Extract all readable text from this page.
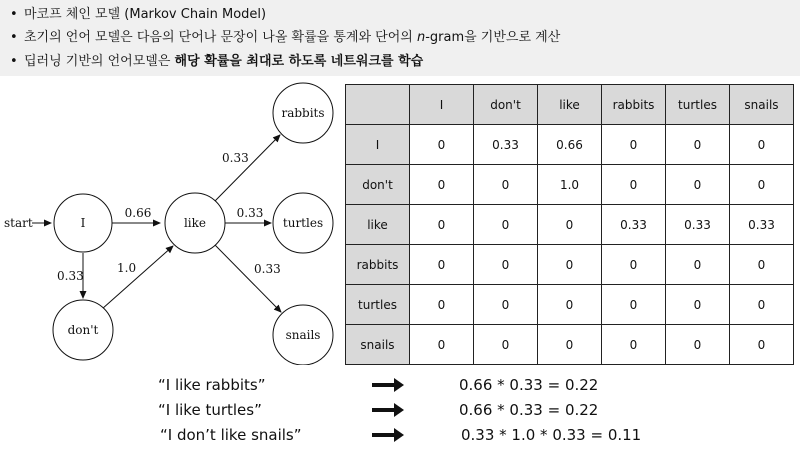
• 마코프 체인 모델 (Markov Chain Model)
• 초기의 언어 모델은 다음의 단어나 문장이 나올 확률을 통계와 단어의 n-gram을 기반으로 계산
• 딥러닝 기반의 언어모델은 해당 확률을 최대로 하도록 네트워크를 학습
I	like
don't
rabbits
turtles
snails
start
0.66
0.33
1.0
0.33
0.33
0.33
	I	don't	like	rabbits	turtles	snails
I	0	0.33	0.66	0	0	0
don't	0	0	1.0	0	0	0
like	0	0	0	0.33	0.33	0.33
rabbits	0	0	0	0	0	0
turtles	0	0	0	0	0	0
snails	0	0	0	0	0	0
“I like rabbits”
“I like turtles”
“I don’t like snails”
0.66 * 0.33 = 0.22
0.66 * 0.33 = 0.22
0.33 * 1.0 * 0.33 = 0.11
